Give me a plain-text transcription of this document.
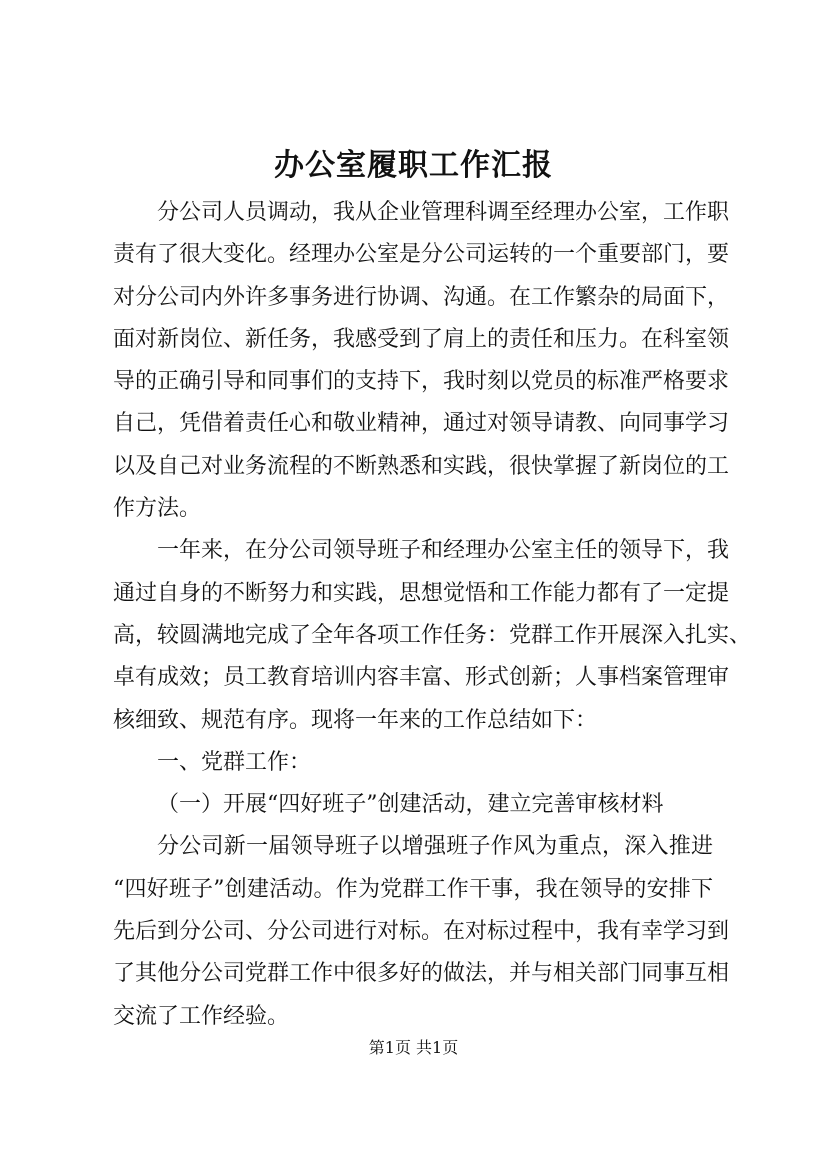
办公室履职工作汇报
分公司人员调动，我从企业管理科调至经理办公室，工作职
责有了很大变化。经理办公室是分公司运转的一个重要部门，要
对分公司内外许多事务进行协调、沟通。在工作繁杂的局面下，
面对新岗位、新任务，我感受到了肩上的责任和压力。在科室领
导的正确引导和同事们的支持下，我时刻以党员的标准严格要求
自己，凭借着责任心和敬业精神，通过对领导请教、向同事学习
以及自己对业务流程的不断熟悉和实践，很快掌握了新岗位的工
作方法。
一年来，在分公司领导班子和经理办公室主任的领导下，我
通过自身的不断努力和实践，思想觉悟和工作能力都有了一定提
高，较圆满地完成了全年各项工作任务：党群工作开展深入扎实、
卓有成效；员工教育培训内容丰富、形式创新；人事档案管理审
核细致、规范有序。现将一年来的工作总结如下：
一、党群工作：
（一）开展“四好班子”创建活动，建立完善审核材料
分公司新一届领导班子以增强班子作风为重点，深入推进
“四好班子”创建活动。作为党群工作干事，我在领导的安排下
先后到分公司、分公司进行对标。在对标过程中，我有幸学习到
了其他分公司党群工作中很多好的做法，并与相关部门同事互相
交流了工作经验。
第1页 共1页
